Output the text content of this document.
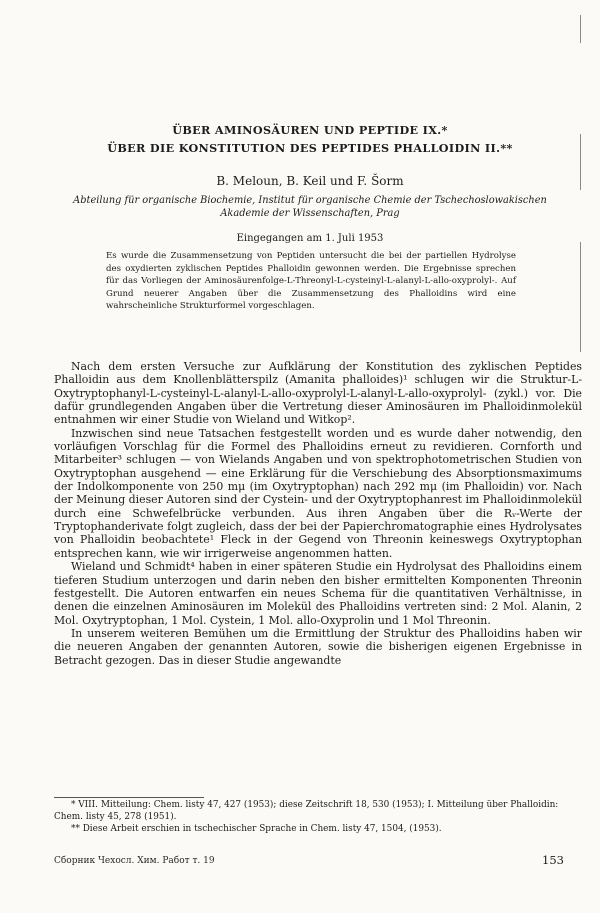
ÜBER AMINOSÄUREN UND PEPTIDE IX.*
ÜBER DIE KONSTITUTION DES PEPTIDES PHALLOIDIN II.**
B. Meloun, B. Keil und F. Šorm
Abteilung für organische Biochemie, Institut für organische Chemie der Tschechoslowakischen Akademie der Wissenschaften, Prag
Eingegangen am 1. Juli 1953
Es wurde die Zusammensetzung von Peptiden untersucht die bei der partiellen Hydrolyse des oxydierten zyklischen Peptides Phalloidin gewonnen werden. Die Ergebnisse sprechen für das Vorliegen der Aminosäurenfolge-L-Threonyl-L-cysteinyl-L-alanyl-L-allo-oxyprolyl-. Auf Grund neuerer Angaben über die Zusammensetzung des Phalloidins wird eine wahrscheinliche Strukturformel vorgeschlagen.

Nach dem ersten Versuche zur Aufklärung der Konstitution des zyklischen Peptides Phalloidin aus dem Knollenblätterspilz (Amanita phalloides)¹ schlugen wir die Struktur-L-Oxytryptophanyl-L-cysteinyl-L-alanyl-L-allo-oxyprolyl-L-alanyl-L-allo-oxyprolyl- (zykl.) vor. Die dafür grundlegenden Angaben über die Vertretung dieser Aminosäuren im Phalloidinmolekül entnahmen wir einer Studie von Wieland und Witkop².

Inzwischen sind neue Tatsachen festgestellt worden und es wurde daher notwendig, den vorläufigen Vorschlag für die Formel des Phalloidins erneut zu revidieren. Cornforth und Mitarbeiter³ schlugen — von Wielands Angaben und von spektrophotometrischen Studien von Oxytryptophan ausgehend — eine Erklärung für die Verschiebung des Absorptionsmaximums der Indolkomponente von 250 mμ (im Oxytryptophan) nach 292 mμ (im Phalloidin) vor. Nach der Meinung dieser Autoren sind der Cystein- und der Oxytryptophanrest im Phalloidinmolekül durch eine Schwefelbrücke verbunden. Aus ihren Angaben über die Rᵥ-Werte der Tryptophanderivate folgt zugleich, dass der bei der Papierchromatographie eines Hydrolysates von Phalloidin beobachtete¹ Fleck in der Gegend von Threonin keineswegs Oxytryptophan entsprechen kann, wie wir irrigerweise angenommen hatten.

Wieland und Schmidt⁴ haben in einer späteren Studie ein Hydrolysat des Phalloidins einem tieferen Studium unterzogen und darin neben den bisher ermittelten Komponenten Threonin festgestellt. Die Autoren entwarfen ein neues Schema für die quantitativen Verhältnisse, in denen die einzelnen Aminosäuren im Molekül des Phalloidins vertreten sind: 2 Mol. Alanin, 2 Mol. Oxytryptophan, 1 Mol. Cystein, 1 Mol. allo-Oxyprolin und 1 Mol Threonin.

In unserem weiteren Bemühen um die Ermittlung der Struktur des Phalloidins haben wir die neueren Angaben der genannten Autoren, sowie die bisherigen eigenen Ergebnisse in Betracht gezogen. Das in dieser Studie angewandte

* VIII. Mitteilung: Chem. listy 47, 427 (1953); diese Zeitschrift 18, 530 (1953); I. Mitteilung über Phalloidin: Chem. listy 45, 278 (1951).

** Diese Arbeit erschien in tschechischer Sprache in Chem. listy 47, 1504, (1953).

Сборник Чехосл. Хим. Работ т. 19	153
